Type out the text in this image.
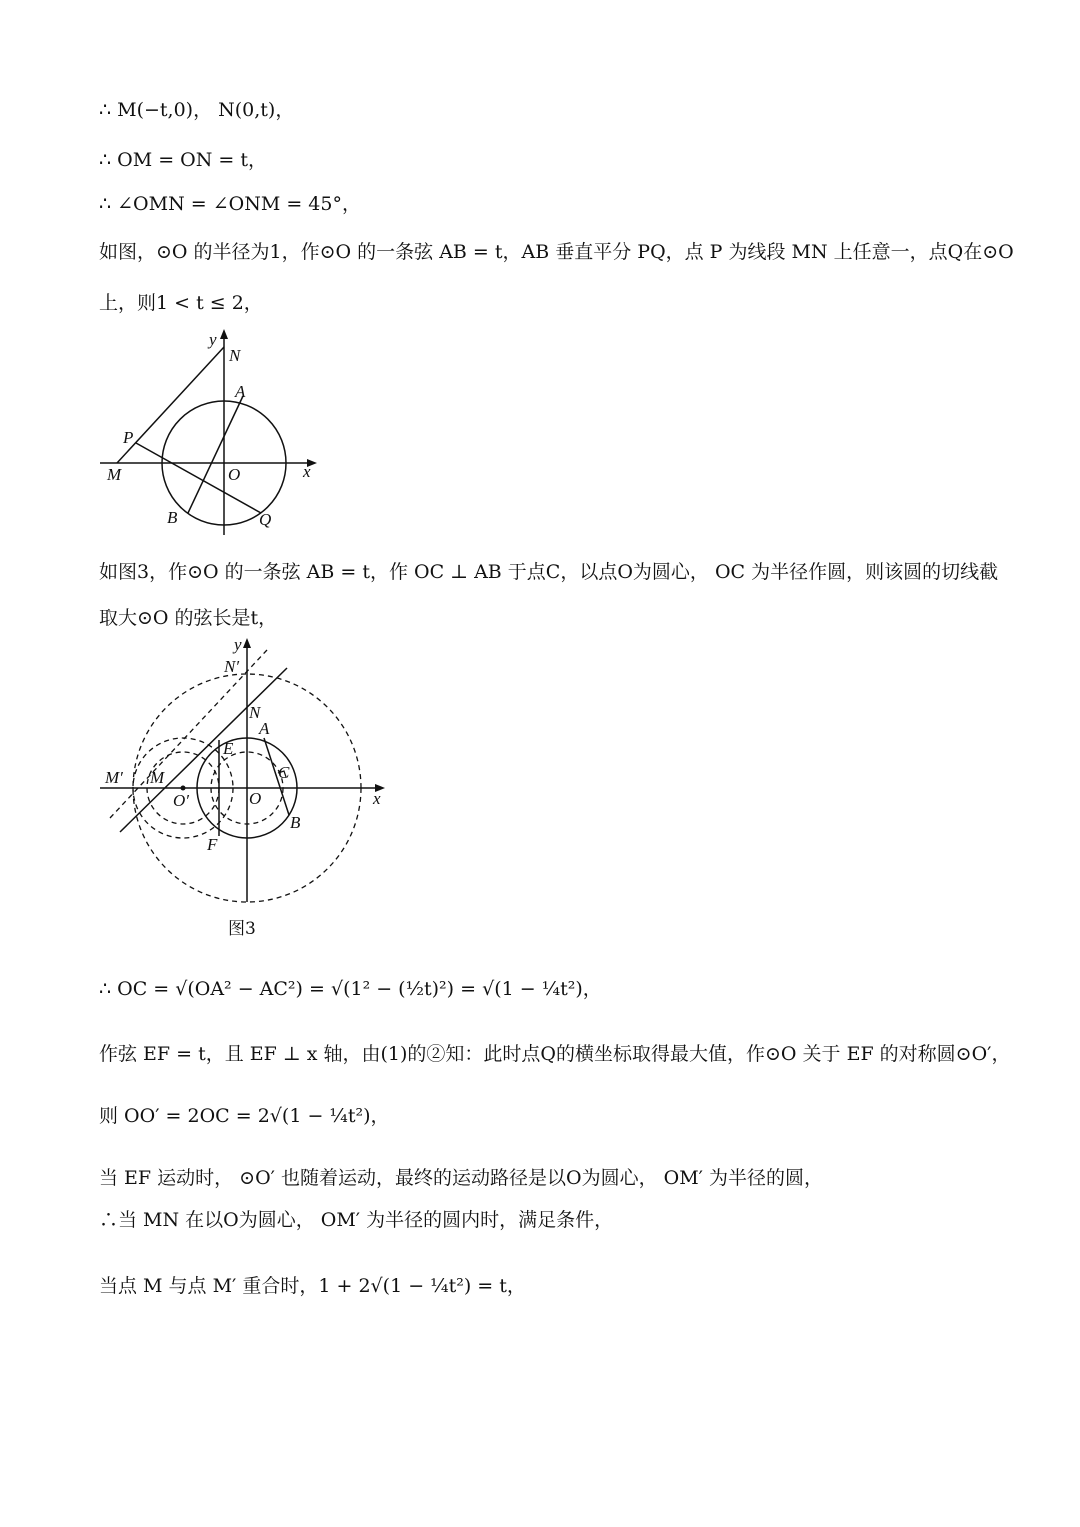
∴ M(−t,0)， N(0,t)，
∴ OM = ON = t，
∴ ∠OMN = ∠ONM = 45°，
如图，⊙O 的半径为1，作⊙O 的一条弦 AB = t，AB 垂直平分 PQ，点 P 为线段 MN 上任意一，点Q在⊙O
上，则1 < t ≤ 2，
y
N
A
P
M	O	x
B	Q
如图3，作⊙O 的一条弦 AB = t，作 OC ⊥ AB 于点C，以点O为圆心， OC 为半径作圆，则该圆的切线截
取大⊙O 的弦长是t，
y
N′
N
A
E
C
M′ M
O′	O	x
B
F
图3
∴ OC = √(OA² − AC²) = √(1² − (½t)²) = √(1 − ¼t²)，
作弦 EF = t，且 EF ⊥ x 轴，由(1)的②知：此时点Q的横坐标取得最大值，作⊙O 关于 EF 的对称圆⊙O′，
则 OO′ = 2OC = 2√(1 − ¼t²)，
当 EF 运动时， ⊙O′ 也随着运动，最终的运动路径是以O为圆心， OM′ 为半径的圆，
∴当 MN 在以O为圆心， OM′ 为半径的圆内时，满足条件，
当点 M 与点 M′ 重合时，1 + 2√(1 − ¼t²) = t，
